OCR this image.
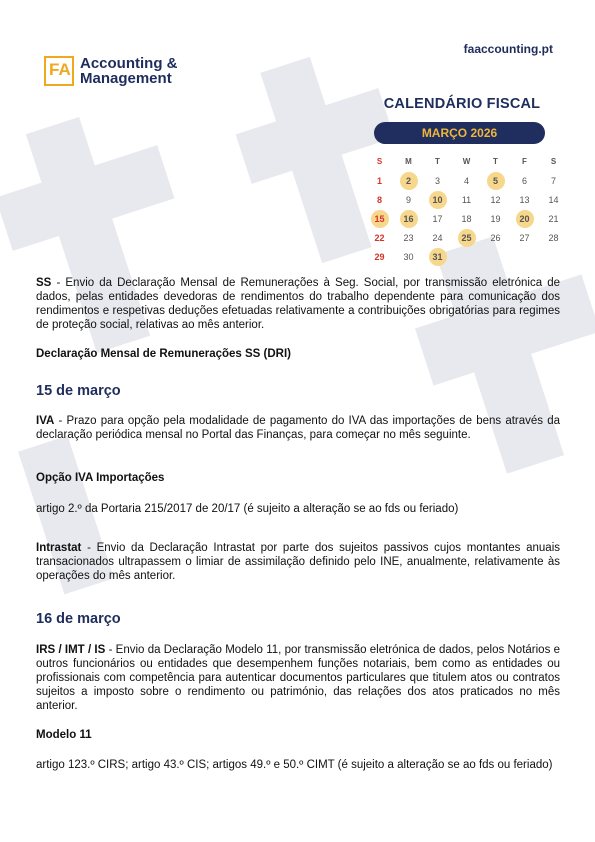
FA Accounting &
Management
faaccounting.pt
CALENDÁRIO FISCAL
MARÇO 2026
S	M	T	W	T	F	S
1	2	3	4	5	6	7
8	9	10	11	12	13	14
15	16	17	18	19	20	21
22	23	24	25	26	27	28
29	30	31
SS - Envio da Declaração Mensal de Remunerações à Seg. Social, por transmissão eletrónica de dados, pelas entidades devedoras de rendimentos do trabalho dependente para comunicação dos rendimentos e respetivas deduções efetuadas relativamente a contribuições obrigatórias para regimes de proteção social, relativas ao mês anterior.
Declaração Mensal de Remunerações SS (DRI)
15 de março
IVA - Prazo para opção pela modalidade de pagamento do IVA das importações de bens através da declaração periódica mensal no Portal das Finanças, para começar no mês seguinte.
Opção IVA Importações
artigo 2.º da Portaria 215/2017 de 20/17 (é sujeito a alteração se ao fds ou feriado)
Intrastat - Envio da Declaração Intrastat por parte dos sujeitos passivos cujos montantes anuais transacionados ultrapassem o limiar de assimilação definido pelo INE, anualmente, relativamente às operações do mês anterior.
16 de março
IRS / IMT / IS - Envio da Declaração Modelo 11, por transmissão eletrónica de dados, pelos Notários e outros funcionários ou entidades que desempenhem funções notariais, bem como as entidades ou profissionais com competência para autenticar documentos particulares que titulem atos ou contratos sujeitos a imposto sobre o rendimento ou património, das relações dos atos praticados no mês anterior.
Modelo 11
artigo 123.º CIRS; artigo 43.º CIS; artigos 49.º e 50.º CIMT (é sujeito a alteração se ao fds ou feriado)
